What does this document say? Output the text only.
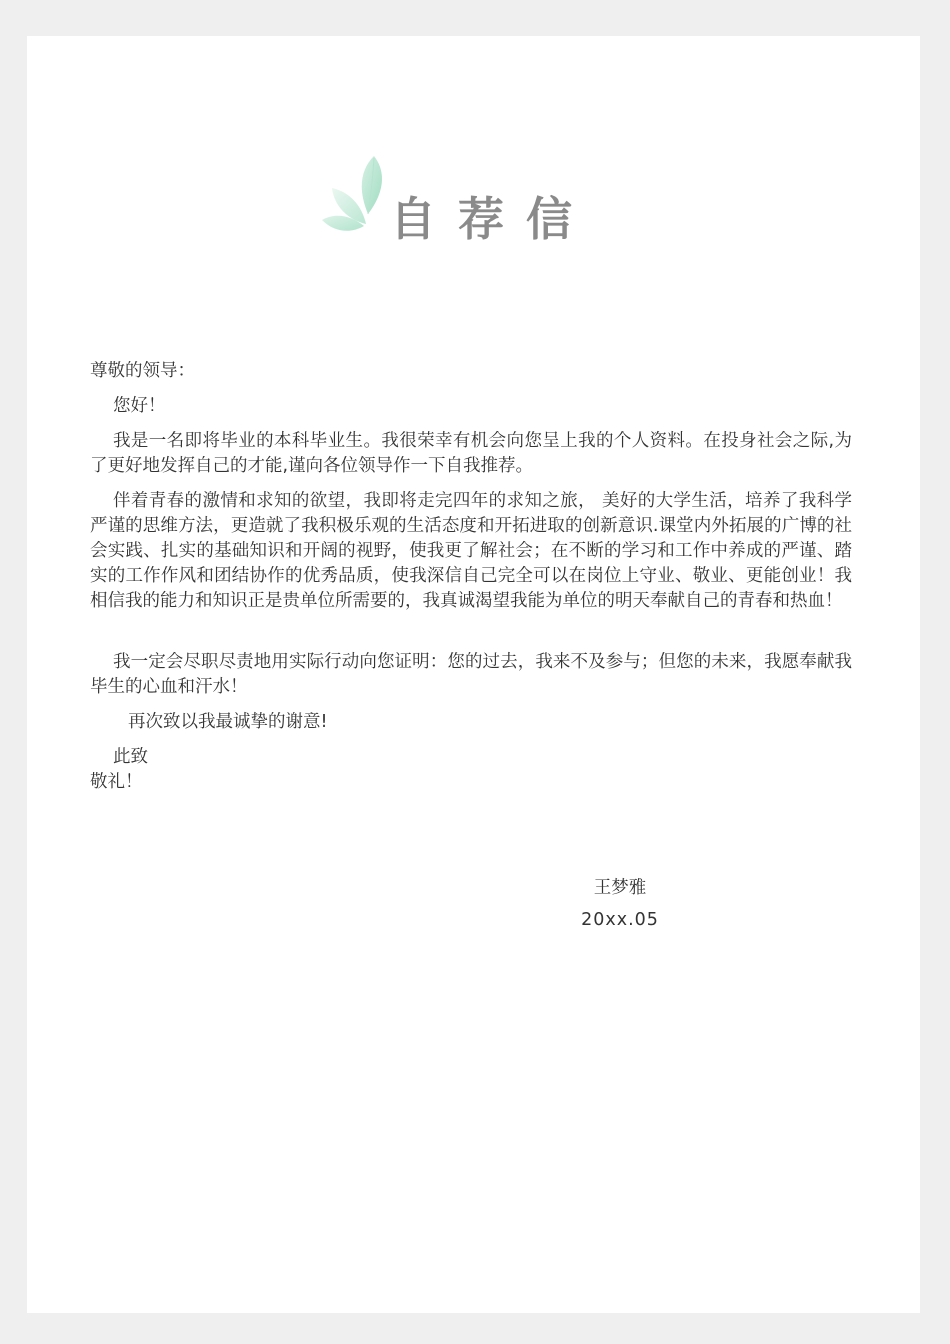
自荐信

尊敬的领导：

您好！

我是一名即将毕业的本科毕业生。我很荣幸有机会向您呈上我的个人资料。在投身社会之际,为了更好地发挥自己的才能,谨向各位领导作一下自我推荐。

伴着青春的激情和求知的欲望，我即将走完四年的求知之旅， 美好的大学生活，培养了我科学严谨的思维方法，更造就了我积极乐观的生活态度和开拓进取的创新意识.课堂内外拓展的广博的社会实践、扎实的基础知识和开阔的视野，使我更了解社会；在不断的学习和工作中养成的严谨、踏实的工作作风和团结协作的优秀品质，使我深信自己完全可以在岗位上守业、敬业、更能创业！我相信我的能力和知识正是贵单位所需要的，我真诚渴望我能为单位的明天奉献自己的青春和热血！

我一定会尽职尽责地用实际行动向您证明：您的过去，我来不及参与；但您的未来，我愿奉献我毕生的心血和汗水！

再次致以我最诚挚的谢意!

此致

敬礼！

王梦雅
20xx.05
